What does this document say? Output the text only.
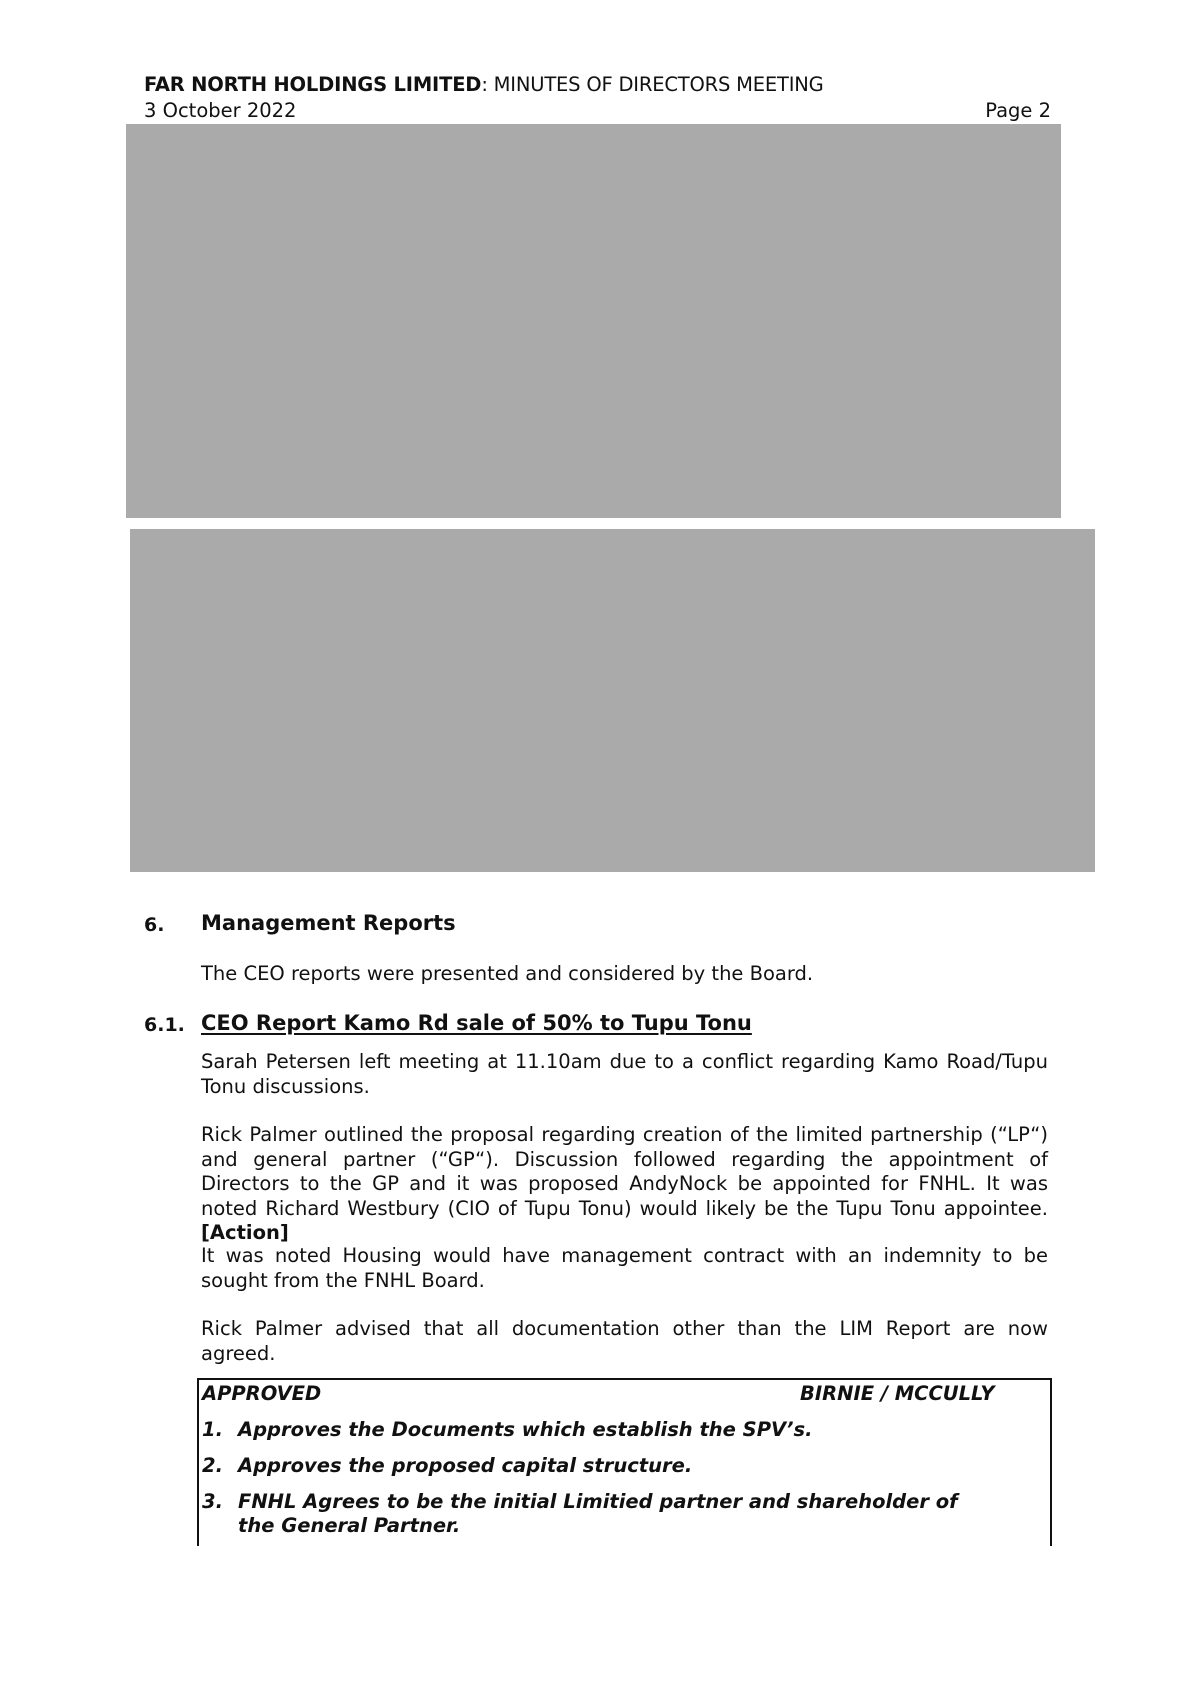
FAR NORTH HOLDINGS LIMITED: MINUTES OF DIRECTORS MEETING
3 October 2022	Page 2
6. Management Reports
The CEO reports were presented and considered by the Board.
6.1. CEO Report Kamo Rd sale of 50% to Tupu Tonu
Sarah Petersen left meeting at 11.10am due to a conflict regarding Kamo Road/Tupu Tonu discussions.
Rick Palmer outlined the proposal regarding creation of the limited partnership (“LP“) and general partner (“GP“). Discussion followed regarding the appointment of Directors to the GP and it was proposed AndyNock be appointed for FNHL. It was noted Richard Westbury (CIO of Tupu Tonu) would likely be the Tupu Tonu appointee. [Action]
It was noted Housing would have management contract with an indemnity to be sought from the FNHL Board.
Rick Palmer advised that all documentation other than the LIM Report are now agreed.
APPROVED	BIRNIE / MCCULLY
1. Approves the Documents which establish the SPV’s.
2. Approves the proposed capital structure.
3. FNHL Agrees to be the initial Limitied partner and shareholder of the General Partner.
